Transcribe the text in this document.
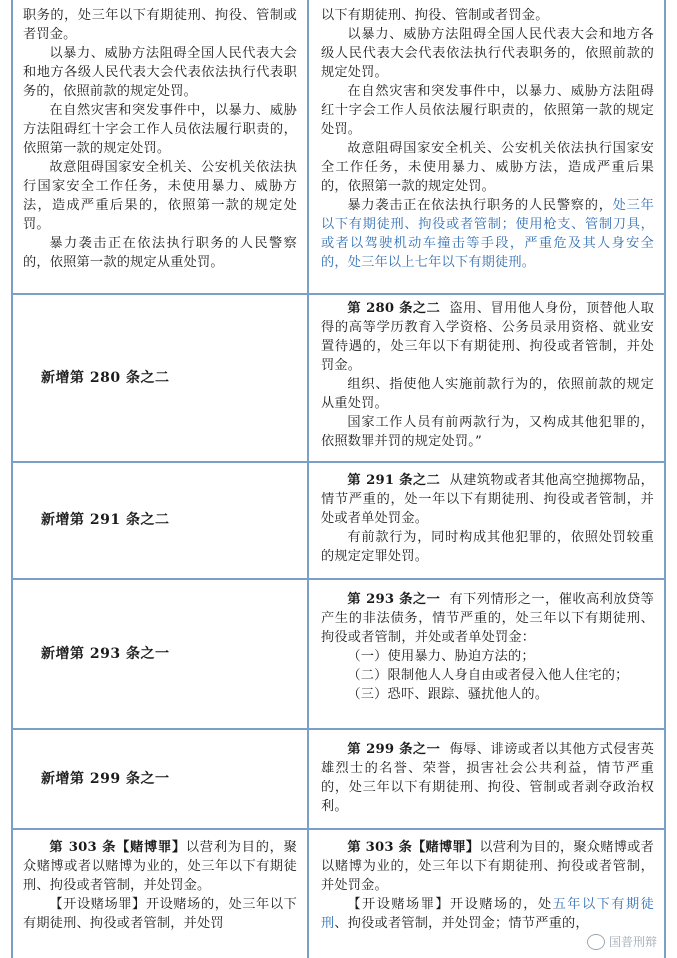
职务的，处三年以下有期徒刑、拘役、管制或者罚金。

以暴力、威胁方法阻碍全国人民代表大会和地方各级人民代表大会代表依法执行代表职务的，依照前款的规定处罚。

在自然灾害和突发事件中，以暴力、威胁方法阻碍红十字会工作人员依法履行职责的，依照第一款的规定处罚。

故意阻碍国家安全机关、公安机关依法执行国家安全工作任务，未使用暴力、威胁方法，造成严重后果的，依照第一款的规定处罚。

暴力袭击正在依法执行职务的人民警察的，依照第一款的规定从重处罚。

以下有期徒刑、拘役、管制或者罚金。

以暴力、威胁方法阻碍全国人民代表大会和地方各级人民代表大会代表依法执行代表职务的，依照前款的规定处罚。

在自然灾害和突发事件中，以暴力、威胁方法阻碍红十字会工作人员依法履行职责的，依照第一款的规定处罚。

故意阻碍国家安全机关、公安机关依法执行国家安全工作任务，未使用暴力、威胁方法，造成严重后果的，依照第一款的规定处罚。

暴力袭击正在依法执行职务的人民警察的，处三年以下有期徒刑、拘役或者管制；使用枪支、管制刀具，或者以驾驶机动车撞击等手段，严重危及其人身安全的，处三年以上七年以下有期徒刑。

新增第 280 条之二

第 280 条之二 盗用、冒用他人身份，顶替他人取得的高等学历教育入学资格、公务员录用资格、就业安置待遇的，处三年以下有期徒刑、拘役或者管制，并处罚金。

组织、指使他人实施前款行为的，依照前款的规定从重处罚。

国家工作人员有前两款行为，又构成其他犯罪的，依照数罪并罚的规定处罚。”

新增第 291 条之二

第 291 条之二 从建筑物或者其他高空抛掷物品，情节严重的，处一年以下有期徒刑、拘役或者管制，并处或者单处罚金。

有前款行为，同时构成其他犯罪的，依照处罚较重的规定定罪处罚。

新增第 293 条之一

第 293 条之一 有下列情形之一，催收高利放贷等产生的非法债务，情节严重的，处三年以下有期徒刑、拘役或者管制，并处或者单处罚金：

（一）使用暴力、胁迫方法的；

（二）限制他人人身自由或者侵入他人住宅的；

（三）恐吓、跟踪、骚扰他人的。

新增第 299 条之一

第 299 条之一 侮辱、诽谤或者以其他方式侵害英雄烈士的名誉、荣誉，损害社会公共利益，情节严重的，处三年以下有期徒刑、拘役、管制或者剥夺政治权利。

第 303 条【赌博罪】以营利为目的，聚众赌博或者以赌博为业的，处三年以下有期徒刑、拘役或者管制，并处罚金。

【开设赌场罪】开设赌场的，处三年以下有期徒刑、拘役或者管制，并处罚

第 303 条【赌博罪】以营利为目的，聚众赌博或者以赌博为业的，处三年以下有期徒刑、拘役或者管制，并处罚金。

【开设赌场罪】开设赌场的，处五年以下有期徒刑、拘役或者管制，并处罚金；情节严重的，

国普刑辩
